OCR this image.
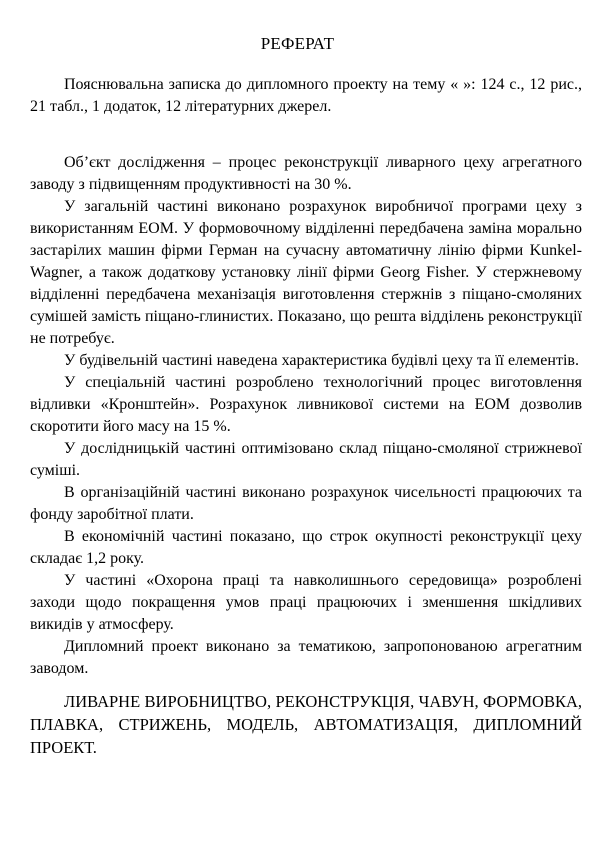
РЕФЕРАТ

Пояснювальна записка до дипломного проекту на тему « »: 124 с., 12 рис., 21 табл., 1 додаток, 12 літературних джерел.

Об’єкт дослідження – процес реконструкції ливарного цеху агрегатного заводу з підвищенням продуктивності на 30 %.

У загальній частині виконано розрахунок виробничої програми цеху з використанням ЕОМ. У формовочному відділенні передбачена заміна морально застарілих машин фірми Герман на сучасну автоматичну лінію фірми Kunkel-Wagner, а також додаткову установку лінії фірми Georg Fisher. У стержневому відділенні передбачена механізація виготовлення стержнів з піщано-смоляних сумішей замість піщано-глинистих. Показано, що решта відділень реконструкції не потребує.

У будівельній частині наведена характеристика будівлі цеху та її елементів.

У спеціальній частині розроблено технологічний процес виготовлення відливки «Кронштейн». Розрахунок ливникової системи на ЕОМ дозволив скоротити його масу на 15 %.

У дослідницькій частині оптимізовано склад піщано-смоляної стрижневої суміші.

В організаційній частині виконано розрахунок чисельності працюючих та фонду заробітної плати.

В економічній частині показано, що строк окупності реконструкції цеху складає 1,2 року.

У частині «Охорона праці та навколишнього середовища» розроблені заходи щодо покращення умов праці працюючих і зменшення шкідливих викидів у атмосферу.

Дипломний проект виконано за тематикою, запропонованою агрегатним заводом.

ЛИВАРНЕ ВИРОБНИЦТВО, РЕКОНСТРУКЦІЯ, ЧАВУН, ФОРМОВКА, ПЛАВКА, СТРИЖЕНЬ, МОДЕЛЬ, АВТОМАТИЗАЦІЯ, ДИПЛОМНИЙ ПРОЕКТ.
